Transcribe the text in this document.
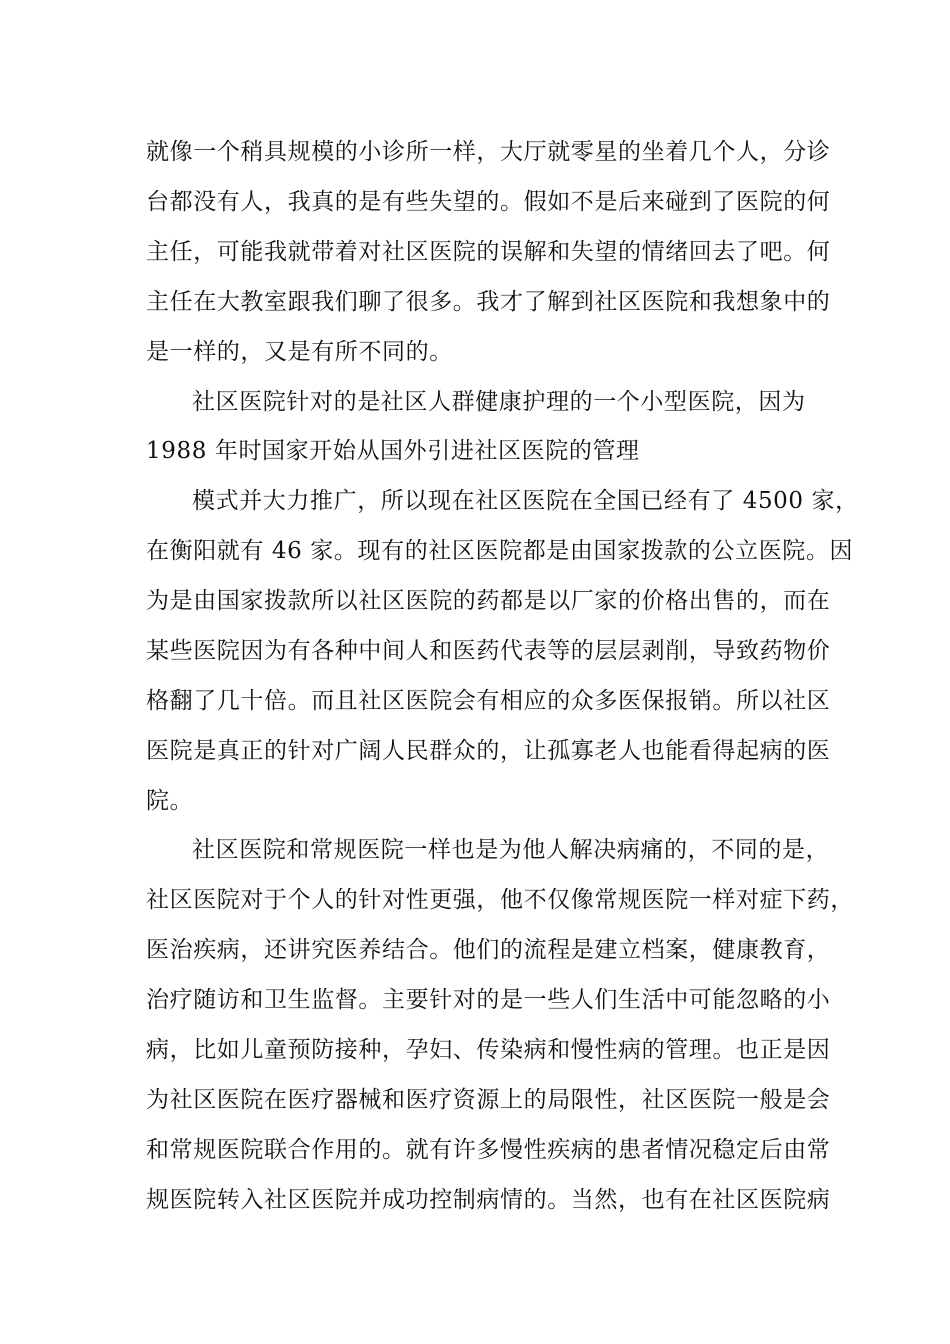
就像一个稍具规模的小诊所一样，大厅就零星的坐着几个人，分诊
台都没有人，我真的是有些失望的。假如不是后来碰到了医院的何
主任，可能我就带着对社区医院的误解和失望的情绪回去了吧。何
主任在大教室跟我们聊了很多。我才了解到社区医院和我想象中的
是一样的，又是有所不同的。
社区医院针对的是社区人群健康护理的一个小型医院，因为
1988 年时国家开始从国外引进社区医院的管理
模式并大力推广，所以现在社区医院在全国已经有了 4500 家，
在衡阳就有 46 家。现有的社区医院都是由国家拨款的公立医院。因
为是由国家拨款所以社区医院的药都是以厂家的价格出售的，而在
某些医院因为有各种中间人和医药代表等的层层剥削，导致药物价
格翻了几十倍。而且社区医院会有相应的众多医保报销。所以社区
医院是真正的针对广阔人民群众的，让孤寡老人也能看得起病的医
院。
社区医院和常规医院一样也是为他人解决病痛的，不同的是，
社区医院对于个人的针对性更强，他不仅像常规医院一样对症下药，
医治疾病，还讲究医养结合。他们的流程是建立档案，健康教育，
治疗随访和卫生监督。主要针对的是一些人们生活中可能忽略的小
病，比如儿童预防接种，孕妇、传染病和慢性病的管理。也正是因
为社区医院在医疗器械和医疗资源上的局限性，社区医院一般是会
和常规医院联合作用的。就有许多慢性疾病的患者情况稳定后由常
规医院转入社区医院并成功控制病情的。当然，也有在社区医院病
